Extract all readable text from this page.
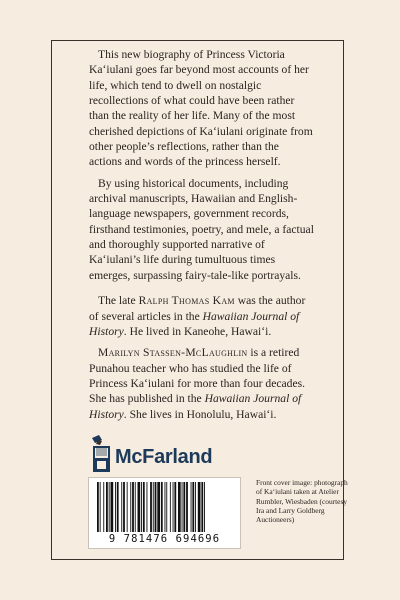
This new biography of Princess Victoria Kaʻiulani goes far beyond most accounts of her life, which tend to dwell on nostalgic recollections of what could have been rather than the reality of her life. Many of the most cherished depictions of Kaʻiulani originate from other people’s reflections, rather than the actions and words of the princess herself.

By using historical documents, including archival manuscripts, Hawaiian and English-language newspapers, government records, firsthand testimonies, poetry, and mele, a factual and thoroughly supported narrative of Kaʻiulani’s life during tumultuous times emerges, surpassing fairy-tale-like portrayals.

The late Ralph Thomas Kam was the author of several articles in the Hawaiian Journal of History. He lived in Kaneohe, Hawaiʻi.

Marilyn Stassen-McLaughlin is a retired Punahou teacher who has studied the life of Princess Kaʻiulani for more than four decades. She has published in the Hawaiian Journal of History. She lives in Honolulu, Hawaiʻi.

McFarland
9 781476 694696
Front cover image: photograph of Kaʻiulani taken at Atelier Rumbler, Wiesbaden (courtesy Ira and Larry Goldberg Auctioneers)
